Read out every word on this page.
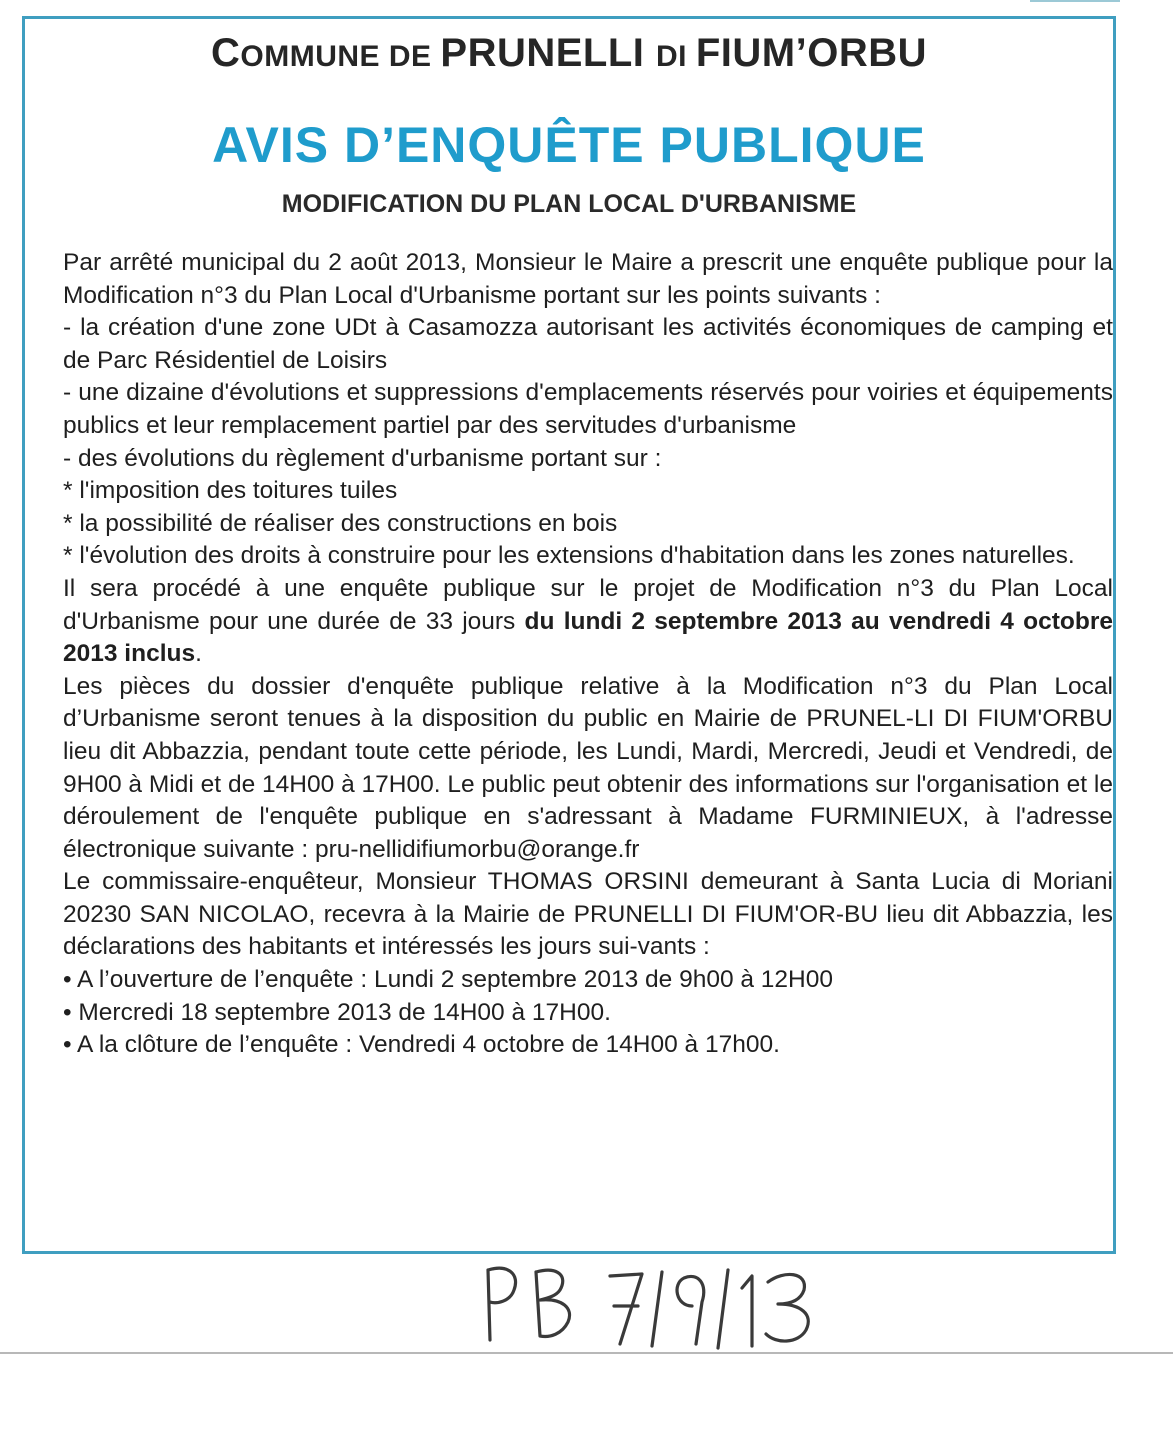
COMMUNE DE PRUNELLI DI FIUM’ORBU
AVIS D’ENQUÊTE PUBLIQUE
MODIFICATION DU PLAN LOCAL D'URBANISME

Par arrêté municipal du 2 août 2013, Monsieur le Maire a prescrit une enquête publique pour la Modification n°3 du Plan Local d'Urbanisme portant sur les points suivants :

- la création d'une zone UDt à Casamozza autorisant les activités économiques de camping et de Parc Résidentiel de Loisirs

- une dizaine d'évolutions et suppressions d'emplacements réservés pour voiries et équipements publics et leur remplacement partiel par des servitudes d'urbanisme

- des évolutions du règlement d'urbanisme portant sur :

* l'imposition des toitures tuiles

* la possibilité de réaliser des constructions en bois

* l'évolution des droits à construire pour les extensions d'habitation dans les zones naturelles.

Il sera procédé à une enquête publique sur le projet de Modification n°3 du Plan Local d'Urbanisme pour une durée de 33 jours du lundi 2 septembre 2013 au vendredi 4 octobre 2013 inclus.

Les pièces du dossier d'enquête publique relative à la Modification n°3 du Plan Local d’Urbanisme seront tenues à la disposition du public en Mairie de PRUNEL-LI DI FIUM'ORBU lieu dit Abbazzia, pendant toute cette période, les Lundi, Mardi, Mercredi, Jeudi et Vendredi, de 9H00 à Midi et de 14H00 à 17H00. Le public peut obtenir des informations sur l'organisation et le déroulement de l'enquête publique en s'adressant à Madame FURMINIEUX, à l'adresse électronique suivante : pru-nellidifiumorbu@orange.fr

Le commissaire-enquêteur, Monsieur THOMAS ORSINI demeurant à Santa Lucia di Moriani 20230 SAN NICOLAO, recevra à la Mairie de PRUNELLI DI FIUM'OR-BU lieu dit Abbazzia, les déclarations des habitants et intéressés les jours sui-vants :

• A l’ouverture de l’enquête : Lundi 2 septembre 2013 de 9h00 à 12H00
• Mercredi 18 septembre 2013 de 14H00 à 17H00.
• A la clôture de l’enquête : Vendredi 4 octobre de 14H00 à 17h00.
